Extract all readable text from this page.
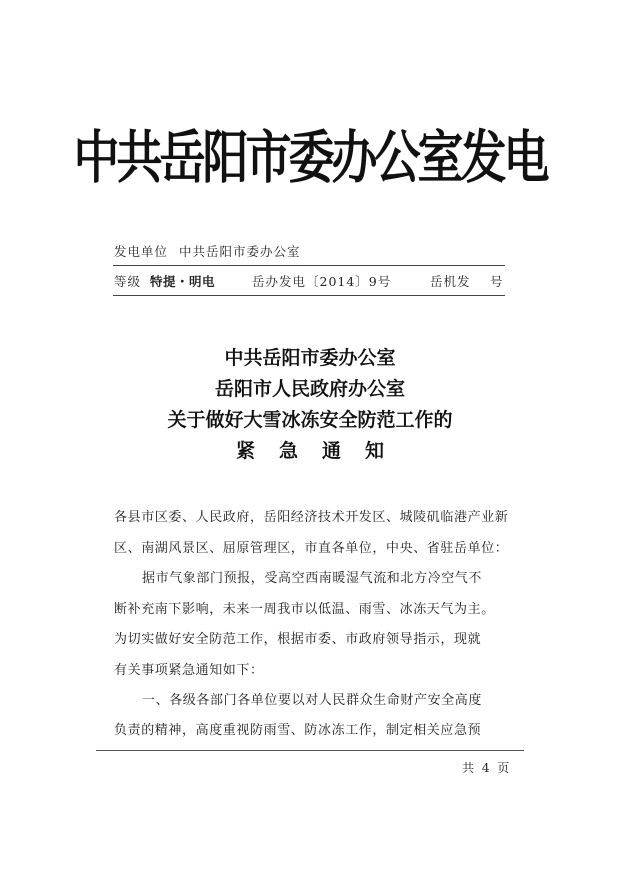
中共岳阳市委办公室发电
发电单位 中共岳阳市委办公室
等级 特提・明电	岳办发电〔2014〕9号	岳机发 号
中共岳阳市委办公室
岳阳市人民政府办公室
关于做好大雪冰冻安全防范工作的
紧急通知
各县市区委、人民政府，岳阳经济技术开发区、城陵矶临港产业新
区、南湖风景区、屈原管理区，市直各单位，中央、省驻岳单位：
据市气象部门预报，受高空西南暖湿气流和北方冷空气不
断补充南下影响，未来一周我市以低温、雨雪、冰冻天气为主。
为切实做好安全防范工作，根据市委、市政府领导指示，现就
有关事项紧急通知如下：
一、各级各部门各单位要以对人民群众生命财产安全高度
负责的精神，高度重视防雨雪、防冰冻工作，制定相关应急预
共 4 页
